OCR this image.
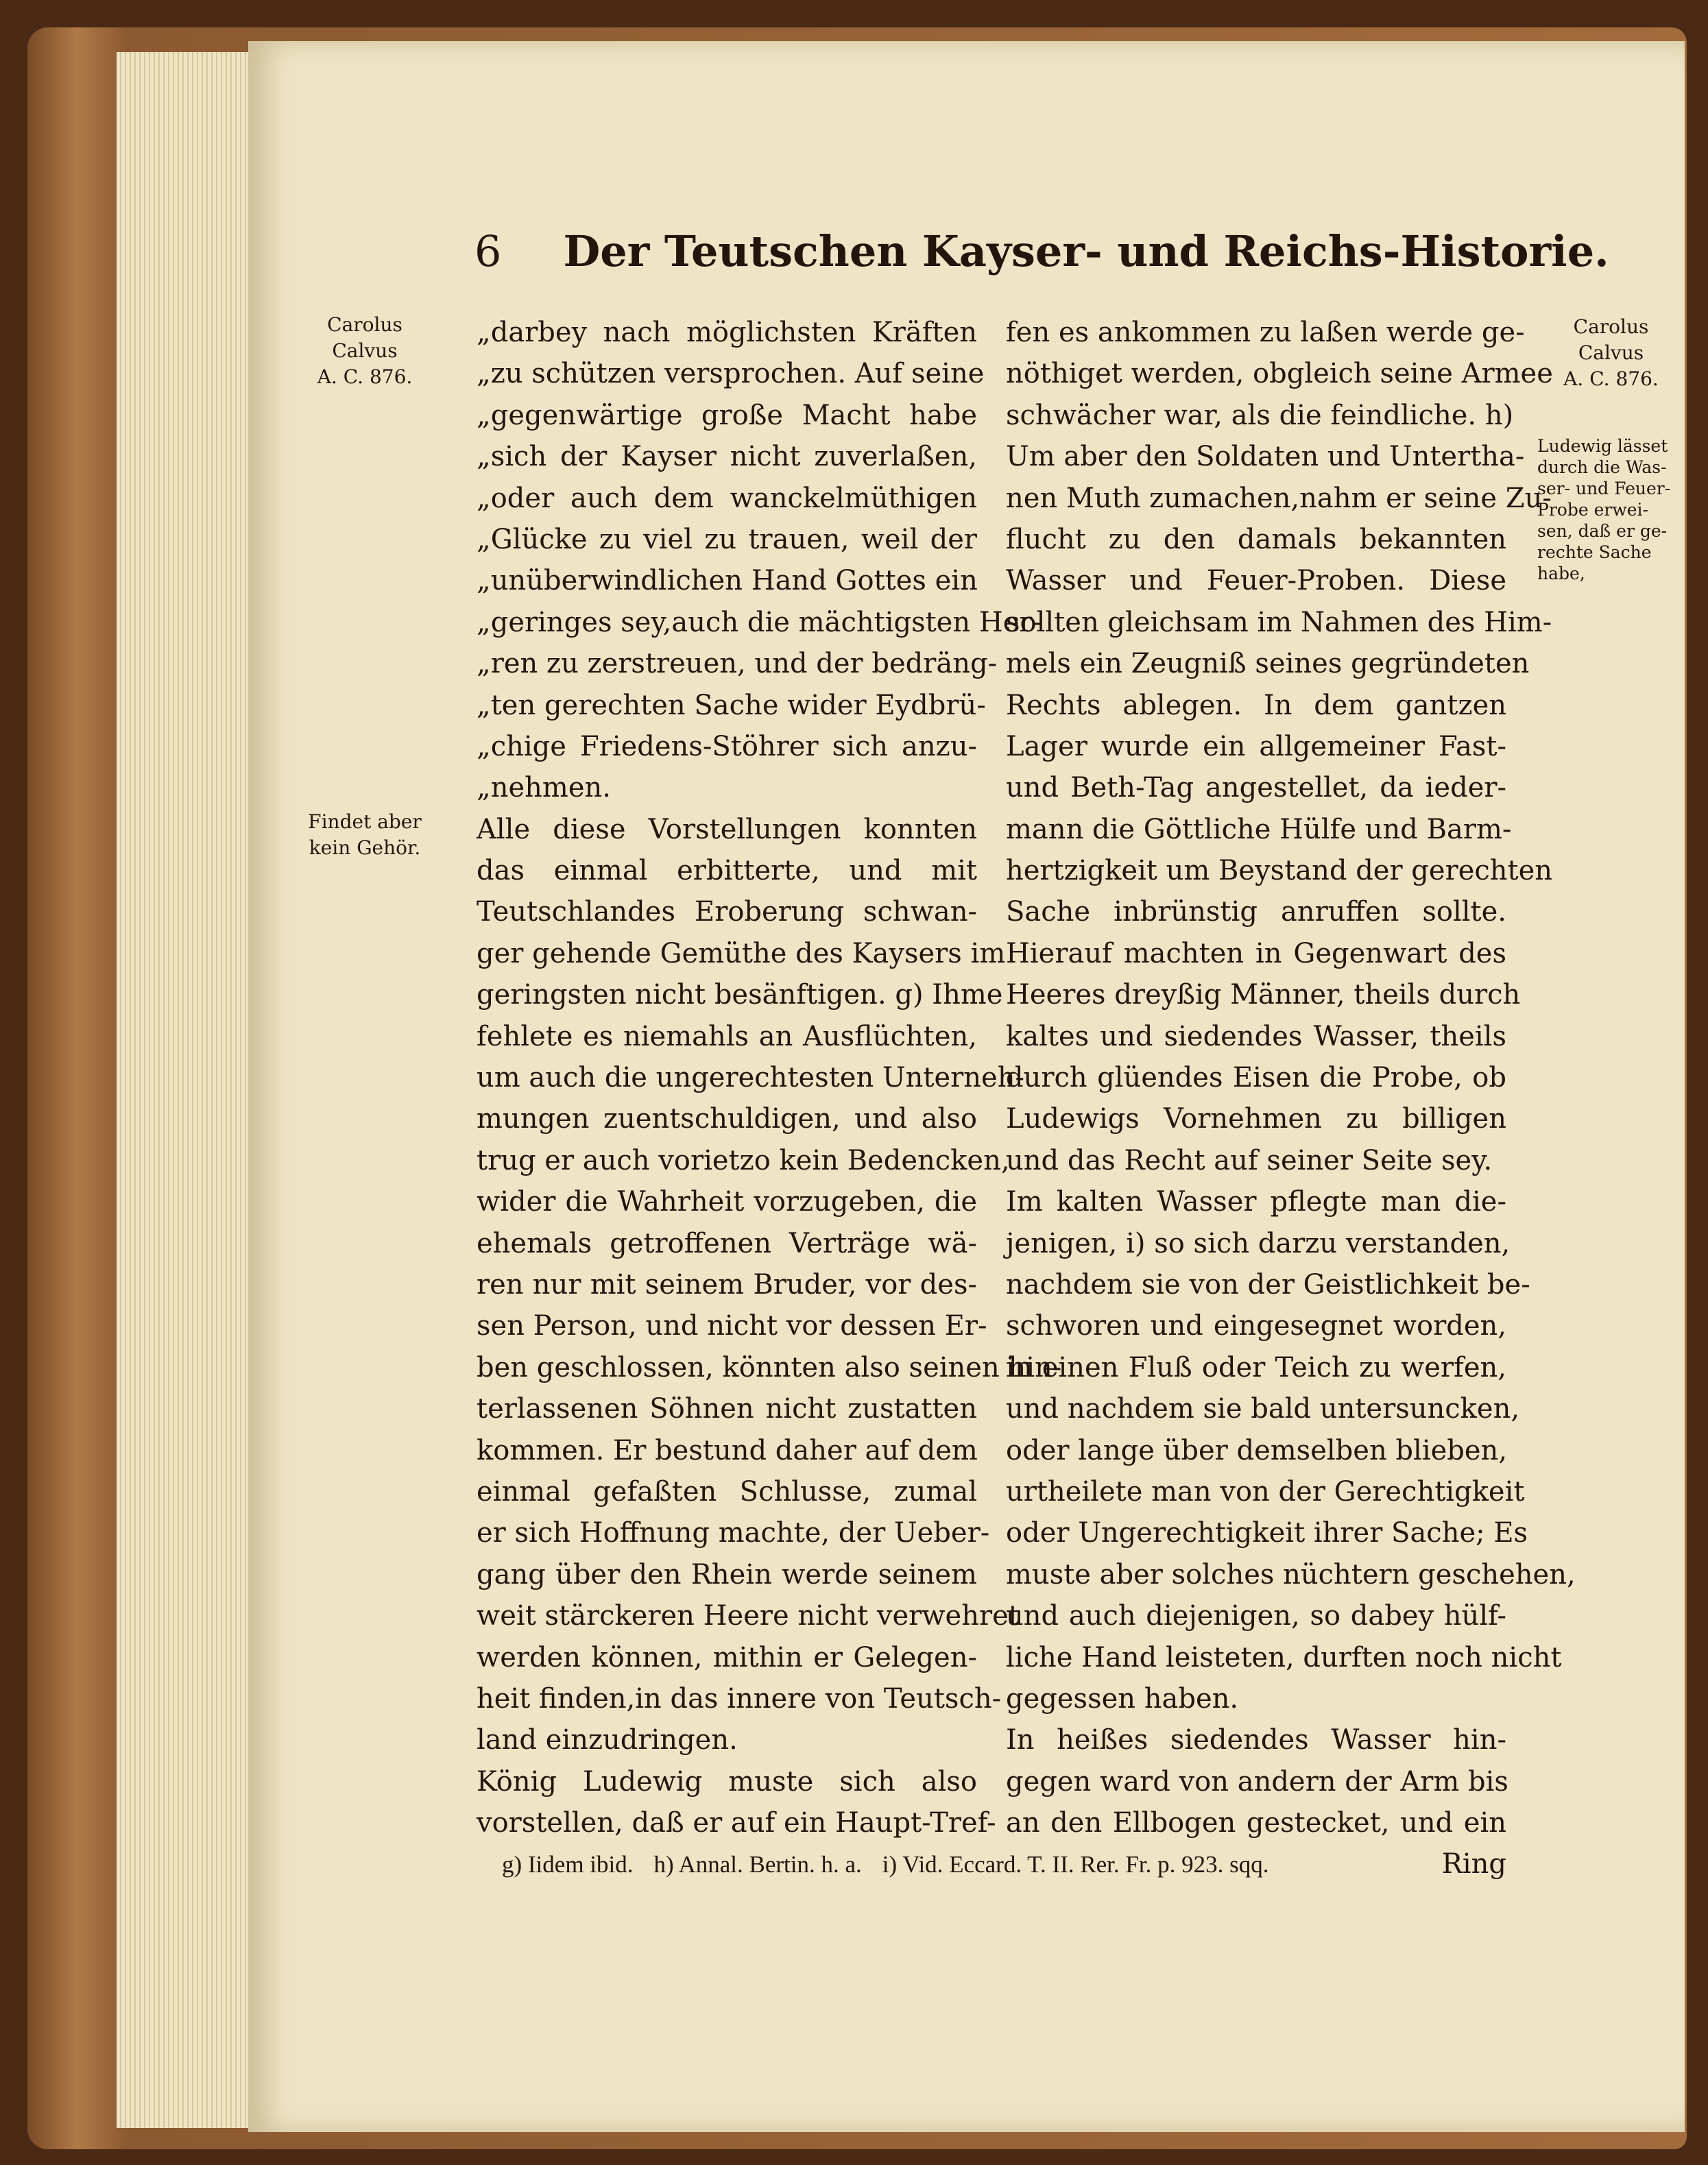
6 Der Teutschen Kayser- und Reichs-Historie.
Carolus
Calvus
A. C. 876.
Findet aber
kein Gehör.
Carolus
Calvus
A. C. 876.
Ludewig lässet
durch die Was-
ser- und Feuer-
Probe erwei-
sen, daß er ge-
rechte Sache
habe,
„darbey nach möglichsten Kräften
„zu schützen versprochen. Auf seine
„gegenwärtige große Macht habe
„sich der Kayser nicht zuverlaßen,
„oder auch dem wanckelmüthigen
„Glücke zu viel zu trauen, weil der
„unüberwindlichen Hand Gottes ein
„geringes sey,auch die mächtigsten Her-
„ren zu zerstreuen, und der bedräng-
„ten gerechten Sache wider Eydbrü-
„chige Friedens-Stöhrer sich anzu-
„nehmen.
Alle diese Vorstellungen konnten
das einmal erbitterte, und mit
Teutschlandes Eroberung schwan-
ger gehende Gemüthe des Kaysers im
geringsten nicht besänftigen. g) Ihme
fehlete es niemahls an Ausflüchten,
um auch die ungerechtesten Unterneh-
mungen zuentschuldigen, und also
trug er auch vorietzo kein Bedencken,
wider die Wahrheit vorzugeben, die
ehemals getroffenen Verträge wä-
ren nur mit seinem Bruder, vor des-
sen Person, und nicht vor dessen Er-
ben geschlossen, könnten also seinen hin-
terlassenen Söhnen nicht zustatten
kommen. Er bestund daher auf dem
einmal gefaßten Schlusse, zumal
er sich Hoffnung machte, der Ueber-
gang über den Rhein werde seinem
weit stärckeren Heere nicht verwehret
werden können, mithin er Gelegen-
heit finden,in das innere von Teutsch-
land einzudringen.
König Ludewig muste sich also
vorstellen, daß er auf ein Haupt-Tref-
fen es ankommen zu laßen werde ge-
nöthiget werden, obgleich seine Armee
schwächer war, als die feindliche. h)
Um aber den Soldaten und Untertha-
nen Muth zumachen,nahm er seine Zu-
flucht zu den damals bekannten
Wasser und Feuer-Proben. Diese
sollten gleichsam im Nahmen des Him-
mels ein Zeugniß seines gegründeten
Rechts ablegen. In dem gantzen
Lager wurde ein allgemeiner Fast-
und Beth-Tag angestellet, da ieder-
mann die Göttliche Hülfe und Barm-
hertzigkeit um Beystand der gerechten
Sache inbrünstig anruffen sollte.
Hierauf machten in Gegenwart des
Heeres dreyßig Männer, theils durch
kaltes und siedendes Wasser, theils
durch glüendes Eisen die Probe, ob
Ludewigs Vornehmen zu billigen
und das Recht auf seiner Seite sey.
Im kalten Wasser pflegte man die-
jenigen, i) so sich darzu verstanden,
nachdem sie von der Geistlichkeit be-
schworen und eingesegnet worden,
in einen Fluß oder Teich zu werfen,
und nachdem sie bald untersuncken,
oder lange über demselben blieben,
urtheilete man von der Gerechtigkeit
oder Ungerechtigkeit ihrer Sache; Es
muste aber solches nüchtern geschehen,
und auch diejenigen, so dabey hülf-
liche Hand leisteten, durften noch nicht
gegessen haben.
In heißes siedendes Wasser hin-
gegen ward von andern der Arm bis
an den Ellbogen gestecket, und ein
Ring
g) Iidem ibid. h) Annal. Bertin. h. a. i) Vid. Eccard. T. II. Rer. Fr. p. 923. sqq.
